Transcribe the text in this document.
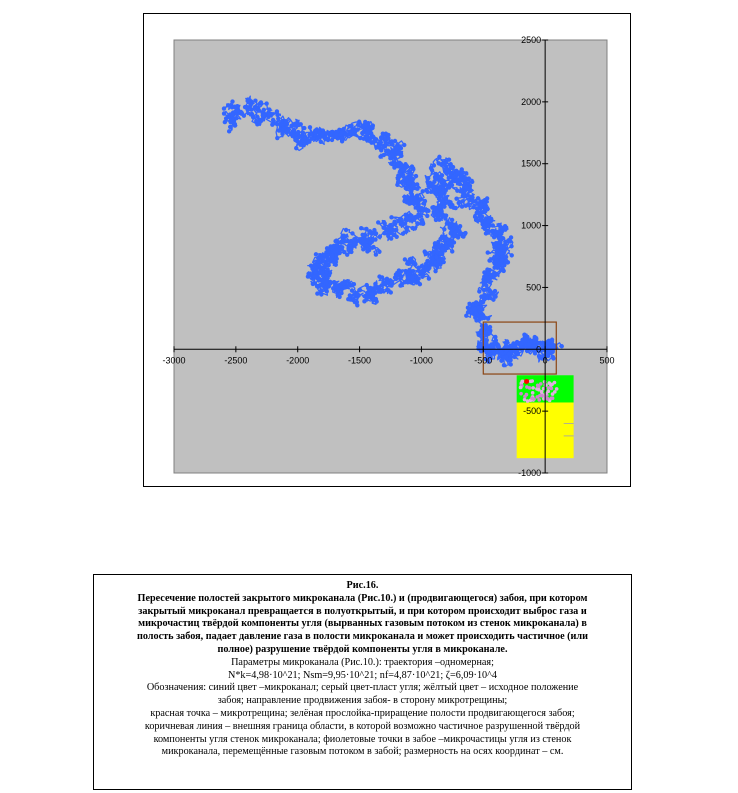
-3000	-2500	-2000	-1500	-1000	-500	0	500
2500
2000
1500
1000
500
0
-500
-1000
Рис.16.
Пересечение полостей закрытого микроканала (Рис.10.) и (продвигающегося) забоя, при котором
закрытый микроканал превращается в полуоткрытый, и при котором происходит выброс газа и
микрочастиц твёрдой компоненты угля (вырванных газовым потоком из стенок микроканала) в
полость забоя, падает давление газа в полости микроканала и может происходить частичное (или
полное) разрушение твёрдой компоненты угля в микроканале.
Параметры микроканала (Рис.10.): траектория –одномерная;
N*k=4,98·10^21; Nsm=9,95·10^21; nf=4,87·10^21; ζ=6,09·10^4
Обозначения: синий цвет –микроканал; серый цвет-пласт угля; жёлтый цвет – исходное положение
забоя; направление продвижения забоя- в сторону микротрещины;
красная точка – микротрещина; зелёная прослойка-приращение полости продвигающегося забоя;
коричневая линия – внешняя граница области, в которой возможно частичное разрушенной твёрдой
компоненты угля стенок микроканала; фиолетовые точки в забое –микрочастицы угля из стенок
микроканала, перемещённые газовым потоком в забой; размерность на осях координат – см.
